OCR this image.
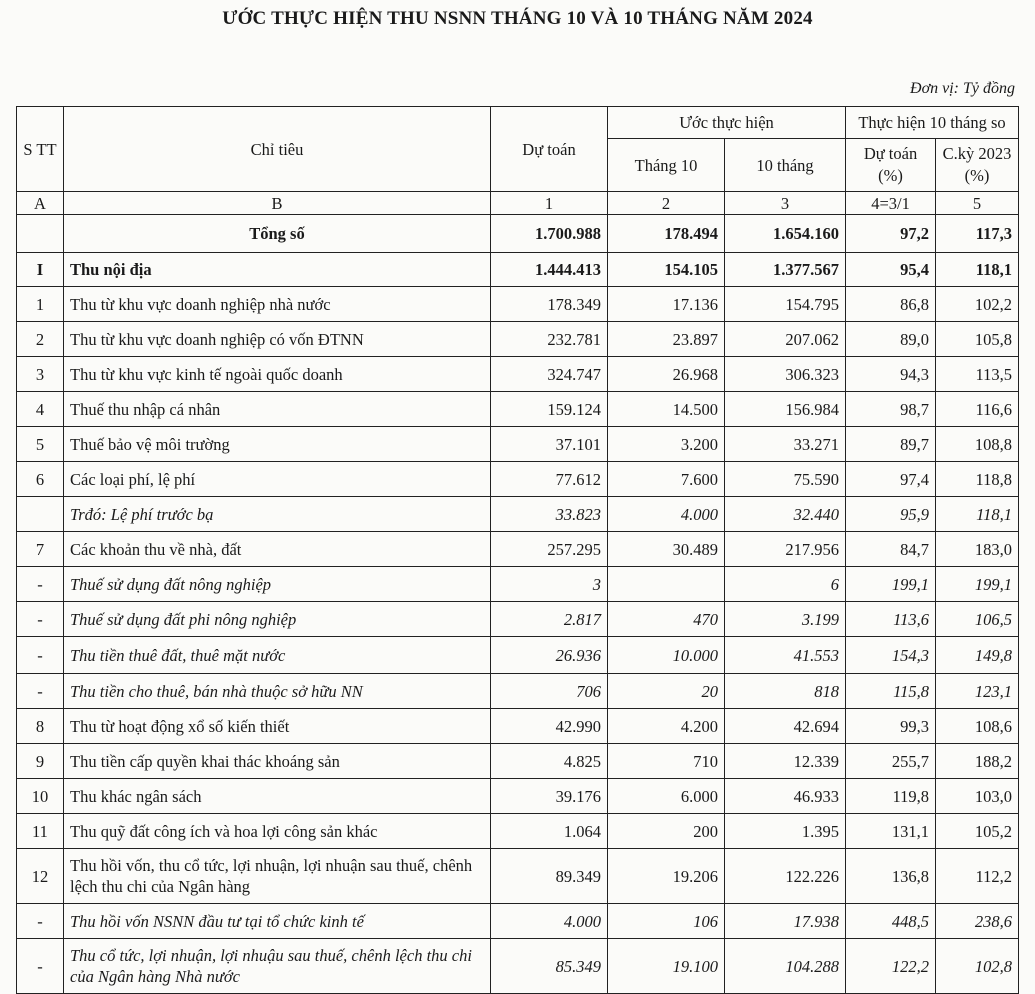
ƯỚC THỰC HIỆN THU NSNN THÁNG 10 VÀ 10 THÁNG NĂM 2024
Đơn vị: Tỷ đồng
S TT	Chỉ tiêu	Dự toán	Ước thực hiện		Thực hiện 10 tháng so	
			Tháng 10	10 tháng	Dự toán (%)	C.kỳ 2023 (%)
A	B	1	2	3	4=3/1	5
	Tổng số	1.700.988	178.494	1.654.160	97,2	117,3
I	Thu nội địa	1.444.413	154.105	1.377.567	95,4	118,1
1	Thu từ khu vực doanh nghiệp nhà nước	178.349	17.136	154.795	86,8	102,2
2	Thu từ khu vực doanh nghiệp có vốn ĐTNN	232.781	23.897	207.062	89,0	105,8
3	Thu từ khu vực kinh tế ngoài quốc doanh	324.747	26.968	306.323	94,3	113,5
4	Thuế thu nhập cá nhân	159.124	14.500	156.984	98,7	116,6
5	Thuế bảo vệ môi trường	37.101	3.200	33.271	89,7	108,8
6	Các loại phí, lệ phí	77.612	7.600	75.590	97,4	118,8
	Trđó: Lệ phí trước bạ	33.823	4.000	32.440	95,9	118,1
7	Các khoản thu về nhà, đất	257.295	30.489	217.956	84,7	183,0
-	Thuế sử dụng đất nông nghiệp	3		6	199,1	199,1
-	Thuế sử dụng đất phi nông nghiệp	2.817	470	3.199	113,6	106,5
-	Thu tiền thuê đất, thuê mặt nước	26.936	10.000	41.553	154,3	149,8
-	Thu tiền cho thuê, bán nhà thuộc sở hữu NN	706	20	818	115,8	123,1
8	Thu từ hoạt động xổ số kiến thiết	42.990	4.200	42.694	99,3	108,6
9	Thu tiền cấp quyền khai thác khoáng sản	4.825	710	12.339	255,7	188,2
10	Thu khác ngân sách	39.176	6.000	46.933	119,8	103,0
11	Thu quỹ đất công ích và hoa lợi công sản khác	1.064	200	1.395	131,1	105,2
12	Thu hồi vốn, thu cổ tức, lợi nhuận, lợi nhuận sau thuế, chênh lệch thu chi của Ngân hàng	89.349	19.206	122.226	136,8	112,2
-	Thu hồi vốn NSNN đầu tư tại tổ chức kinh tế	4.000	106	17.938	448,5	238,6
-	Thu cổ tức, lợi nhuận, lợi nhuậu sau thuế, chênh lệch thu chi của Ngân hàng Nhà nước	85.349	19.100	104.288	122,2	102,8
